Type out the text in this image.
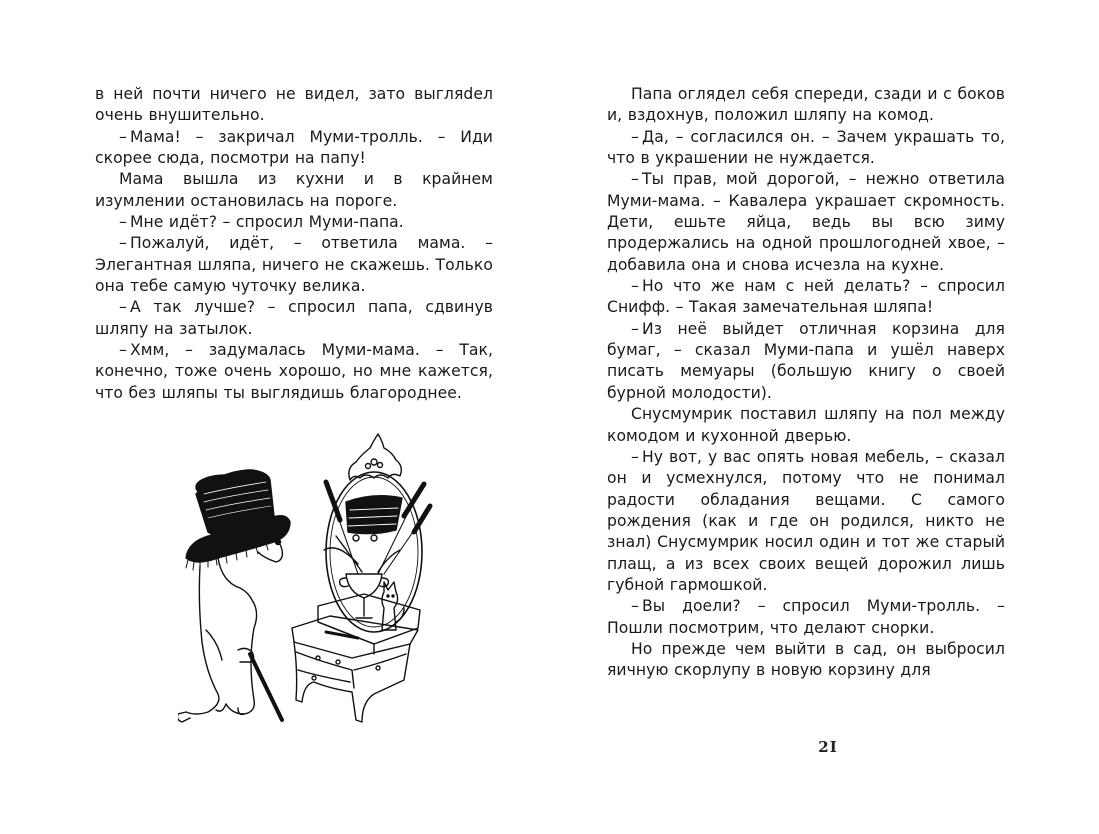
в ней почти ничего не видел, зато выгляdел очень внушительно.

– Мама! – закричал Муми-тролль. – Иди скорее сюда, посмотри на папу!

Мама вышла из кухни и в крайнем изумлении остановилась на пороге.

– Мне идёт? – спросил Муми-папа.

– Пожалуй, идёт, – ответила мама. – Элегантная шляпа, ничего не скажешь. Только она тебе самую чуточку велика.

– А так лучше? – спросил папа, сдвинув шляпу на затылок.

– Хмм, – задумалась Муми-мама. – Так, конечно, тоже очень хорошо, но мне кажется, что без шляпы ты выглядишь благороднее.

Папа оглядел себя спереди, сзади и с боков и, вздохнув, положил шляпу на комод.

– Да, – согласился он. – Зачем украшать то, что в украшении не нуждается.

– Ты прав, мой дорогой, – нежно ответила Муми-мама. – Кавалера украшает скромность. Дети, ешьте яйца, ведь вы всю зиму продержались на одной прошлогодней хвое, – добавила она и снова исчезла на кухне.

– Но что же нам с ней делать? – спросил Снифф. – Такая замечательная шляпа!

– Из неё выйдет отличная корзина для бумаг, – сказал Муми-папа и ушёл наверх писать мемуары (большую книгу о своей бурной молодости).

Снусмумрик поставил шляпу на пол между комодом и кухонной дверью.

– Ну вот, у вас опять новая мебель, – сказал он и усмехнулся, потому что не понимал радости обладания вещами. С самого рождения (как и где он родился, никто не знал) Снусмумрик носил один и тот же старый плащ, а из всех своих вещей дорожил лишь губной гармошкой.

– Вы доели? – спросил Муми-тролль. – Пошли посмотрим, что делают снорки.

Но прежде чем выйти в сад, он выбросил яичную скорлупу в новую корзину для

2I
